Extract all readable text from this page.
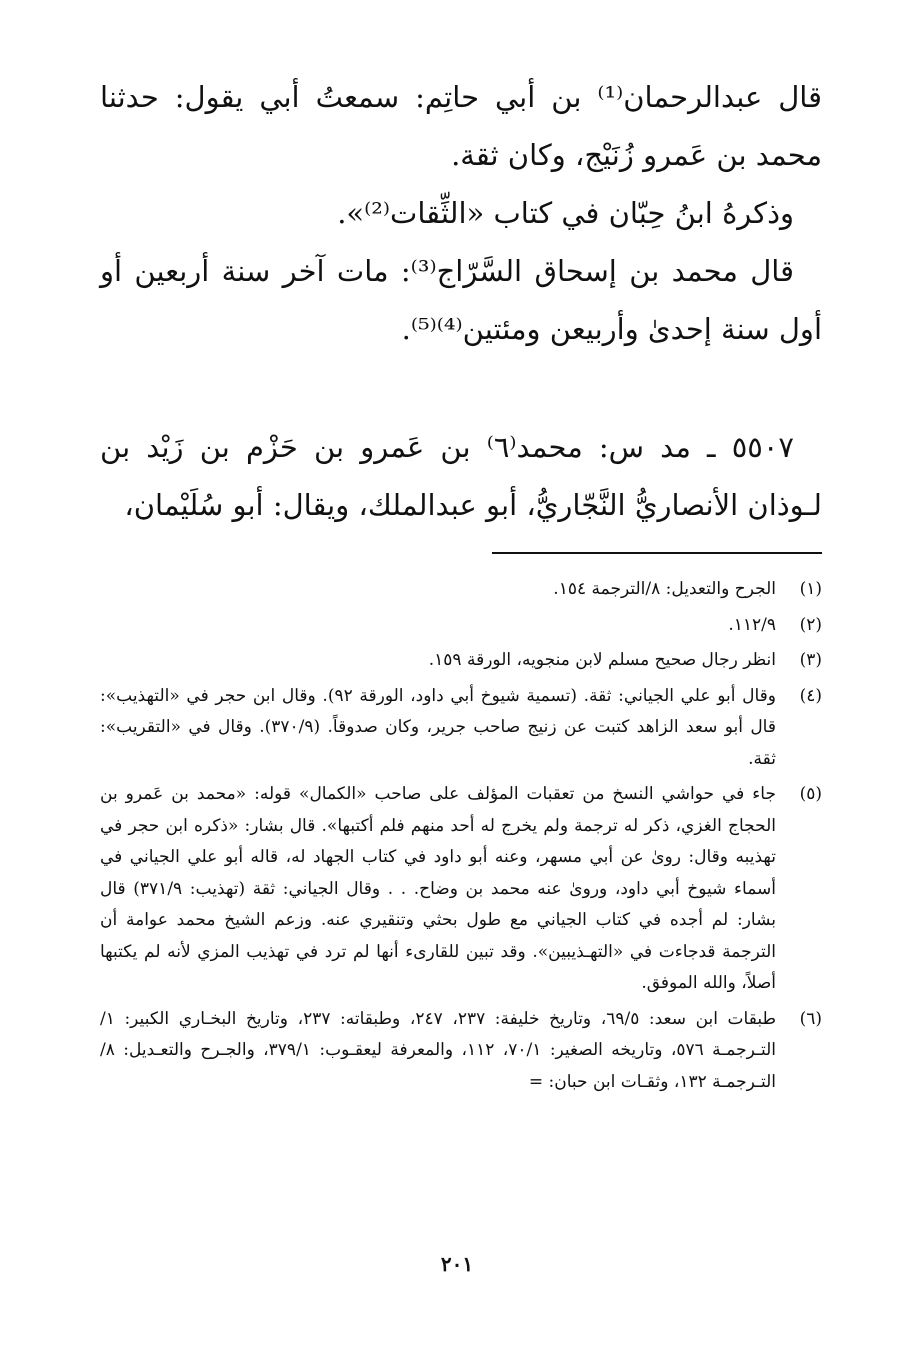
قال عبدالرحمان⁽¹⁾ بن أبي حاتِم: سمعتُ أبي يقول: حدثنا محمد بن عَمرو زُنَيْج، وكان ثقة.

وذكرهُ ابنُ حِبّان في كتاب «الثِّقات⁽²⁾».

قال محمد بن إسحاق السَّرّاج⁽³⁾: مات آخر سنة أربعين أو أول سنة إحدىٰ وأربيعن ومئتين⁽⁴⁾⁽⁵⁾.

٥٥٠٧ ـ مد س: محمد⁽٦⁾ بن عَمرو بن حَزْم بن زَيْد بن لـوذان الأنصاريُّ النَّجّاريُّ، أبو عبدالملك، ويقال: أبو سُلَيْمان،

(١)
الجرح والتعديل: ٨/الترجمة ١٥٤.
(٢)
١١٢/٩.
(٣)
انظر رجال صحيح مسلم لابن منجويه، الورقة ١٥٩.
(٤)
وقال أبو علي الجياني: ثقة. (تسمية شيوخ أبي داود، الورقة ٩٢). وقال ابن حجر في «التهذيب»: قال أبو سعد الزاهد كتبت عن زنيج صاحب جرير، وكان صدوقاً. (٣٧٠/٩). وقال في «التقريب»: ثقة.
(٥)
جاء في حواشي النسخ من تعقبات المؤلف على صاحب «الكمال» قوله: «محمد بن عَمرو بن الحجاج الغزي، ذكر له ترجمة ولم يخرج له أحد منهم فلم أكتبها». قال بشار: «ذكره ابن حجر في تهذيبه وقال: روىٰ عن أبي مسهر، وعنه أبو داود في كتاب الجهاد له، قاله أبو علي الجياني في أسماء شيوخ أبي داود، وروىٰ عنه محمد بن وضاح. . . وقال الجياني: ثقة (تهذيب: ٣٧١/٩) قال بشار: لم أجده في كتاب الجياني مع طول بحثي وتنقيري عنه. وزعم الشيخ محمد عوامة أن الترجمة قدجاءت في «التهـذيبين». وقد تبين للقارىء أنها لم ترد في تهذيب المزي لأنه لم يكتبها أصلاً، والله الموفق.
(٦)
طبقات ابن سعد: ٦٩/٥، وتاريخ خليفة: ٢٣٧، ٢٤٧، وطبقاته: ٢٣٧، وتاريخ البخـاري الكبير: ١/التـرجمـة ٥٧٦، وتاريخه الصغير: ٧٠/١، ١١٢، والمعرفة ليعقـوب: ٣٧٩/١، والجـرح والتعـديل: ٨/التـرجمـة ١٣٢، وثقـات ابن حبان: =
٢٠١
